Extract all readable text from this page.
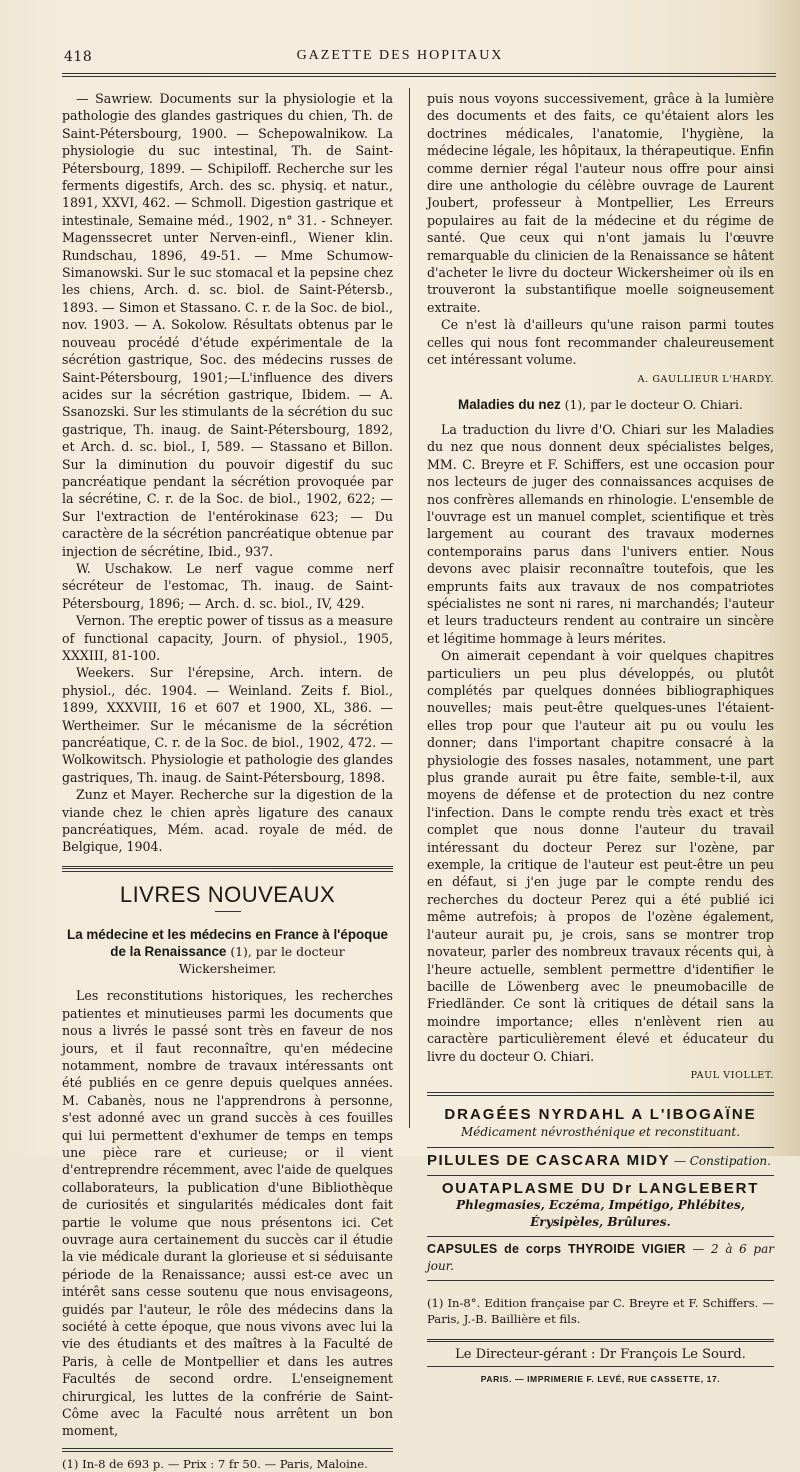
418	GAZETTE DES HOPITAUX

— Sawriew. Documents sur la physiologie et la pathologie des glandes gastriques du chien, Th. de Saint-Pétersbourg, 1900. — Schepowalnikow. La physiologie du suc intestinal, Th. de Saint-Pétersbourg, 1899. — Schipiloff. Recherche sur les ferments digestifs, Arch. des sc. physiq. et natur., 1891, XXVI, 462. — Schmoll. Digestion gastrique et intestinale, Semaine méd., 1902, n° 31. - Schneyer. Magenssecret unter Nerven-einfl., Wiener klin. Rundschau, 1896, 49-51. — Mme Schumow-Simanowski. Sur le suc stomacal et la pepsine chez les chiens, Arch. d. sc. biol. de Saint-Pétersb., 1893. — Simon et Stassano. C. r. de la Soc. de biol., nov. 1903. — A. Sokolow. Résultats obtenus par le nouveau procédé d'étude expérimentale de la sécrétion gastrique, Soc. des médecins russes de Saint-Pétersbourg, 1901;—L'influence des divers acides sur la sécrétion gastrique, Ibidem. — A. Ssanozski. Sur les stimulants de la sécrétion du suc gastrique, Th. inaug. de Saint-Pétersbourg, 1892, et Arch. d. sc. biol., I, 589. — Stassano et Billon. Sur la diminution du pouvoir digestif du suc pancréatique pendant la sécrétion provoquée par la sécrétine, C. r. de la Soc. de biol., 1902, 622; — Sur l'extraction de l'entérokinase 623; — Du caractère de la sécrétion pancréatique obtenue par injection de sécrétine, Ibid., 937.

W. Uschakow. Le nerf vague comme nerf sécréteur de l'estomac, Th. inaug. de Saint-Pétersbourg, 1896; — Arch. d. sc. biol., IV, 429.

Vernon. The ereptic power of tissus as a measure of functional capacity, Journ. of physiol., 1905, XXXIII, 81-100.

Weekers. Sur l'érepsine, Arch. intern. de physiol., déc. 1904. — Weinland. Zeits f. Biol., 1899, XXXVIII, 16 et 607 et 1900, XL, 386. — Wertheimer. Sur le mécanisme de la sécrétion pancréatique, C. r. de la Soc. de biol., 1902, 472. — Wolkowitsch. Physiologie et pathologie des glandes gastriques, Th. inaug. de Saint-Pétersbourg, 1898.

Zunz et Mayer. Recherche sur la digestion de la viande chez le chien après ligature des canaux pancréatiques, Mém. acad. royale de méd. de Belgique, 1904.

LIVRES NOUVEAUX
La médecine et les médecins en France à l'époque de la Renaissance (1), par le docteur Wickersheimer.

Les reconstitutions historiques, les recherches patientes et minutieuses parmi les documents que nous a livrés le passé sont très en faveur de nos jours, et il faut reconnaître, qu'en médecine notamment, nombre de travaux intéressants ont été publiés en ce genre depuis quelques années. M. Cabanès, nous ne l'apprendrons à personne, s'est adonné avec un grand succès à ces fouilles qui lui permettent d'exhumer de temps en temps une pièce rare et curieuse; or il vient d'entreprendre récemment, avec l'aide de quelques collaborateurs, la publication d'une Bibliothèque de curiosités et singularités médicales dont fait partie le volume que nous présentons ici. Cet ouvrage aura certainement du succès car il étudie la vie médicale durant la glorieuse et si séduisante période de la Renaissance; aussi est-ce avec un intérêt sans cesse soutenu que nous envisageons, guidés par l'auteur, le rôle des médecins dans la société à cette époque, que nous vivons avec lui la vie des étudiants et des maîtres à la Faculté de Paris, à celle de Montpellier et dans les autres Facultés de second ordre. L'enseignement chirurgical, les luttes de la confrérie de Saint-Côme avec la Faculté nous arrêtent un bon moment,

(1) In-8 de 693 p. — Prix : 7 fr 50. — Paris, Maloine.

puis nous voyons successivement, grâce à la lumière des documents et des faits, ce qu'étaient alors les doctrines médicales, l'anatomie, l'hygiène, la médecine légale, les hôpitaux, la thérapeutique. Enfin comme dernier régal l'auteur nous offre pour ainsi dire une anthologie du célèbre ouvrage de Laurent Joubert, professeur à Montpellier, Les Erreurs populaires au fait de la médecine et du régime de santé. Que ceux qui n'ont jamais lu l'œuvre remarquable du clinicien de la Renaissance se hâtent d'acheter le livre du docteur Wickersheimer où ils en trouveront la substantifique moelle soigneusement extraite.

Ce n'est là d'ailleurs qu'une raison parmi toutes celles qui nous font recommander chaleureusement cet intéressant volume.

A. GAULLIEUR L'HARDY.
Maladies du nez (1), par le docteur O. Chiari.

La traduction du livre d'O. Chiari sur les Maladies du nez que nous donnent deux spécialistes belges, MM. C. Breyre et F. Schiffers, est une occasion pour nos lecteurs de juger des connaissances acquises de nos confrères allemands en rhinologie. L'ensemble de l'ouvrage est un manuel complet, scientifique et très largement au courant des travaux modernes contemporains parus dans l'univers entier. Nous devons avec plaisir reconnaître toutefois, que les emprunts faits aux travaux de nos compatriotes spécialistes ne sont ni rares, ni marchandés; l'auteur et leurs traducteurs rendent au contraire un sincère et légitime hommage à leurs mérites.

On aimerait cependant à voir quelques chapitres particuliers un peu plus développés, ou plutôt complétés par quelques données bibliographiques nouvelles; mais peut-être quelques-unes l'étaient-elles trop pour que l'auteur ait pu ou voulu les donner; dans l'important chapitre consacré à la physiologie des fosses nasales, notamment, une part plus grande aurait pu être faite, semble-t-il, aux moyens de défense et de protection du nez contre l'infection. Dans le compte rendu très exact et très complet que nous donne l'auteur du travail intéressant du docteur Perez sur l'ozène, par exemple, la critique de l'auteur est peut-être un peu en défaut, si j'en juge par le compte rendu des recherches du docteur Perez qui a été publié ici même autrefois; à propos de l'ozène également, l'auteur aurait pu, je crois, sans se montrer trop novateur, parler des nombreux travaux récents qui, à l'heure actuelle, semblent permettre d'identifier le bacille de Löwenberg avec le pneumobacille de Friedländer. Ce sont là critiques de détail sans la moindre importance; elles n'enlèvent rien au caractère particulièrement élevé et éducateur du livre du docteur O. Chiari.

PAUL VIOLLET.
DRAGÉES NYRDAHL A L'IBOGAÏNE
Médicament névrosthénique et reconstituant.

PILULES DE CASCARA MIDY — Constipation.

OUATAPLASME DU Dr LANGLEBERT
Phlegmasies, Eczéma, Impétigo, Phlébites, Érysipèles, Brûlures.

CAPSULES de corps THYROIDE VIGIER — 2 à 6 par jour.

(1) In-8°. Edition française par C. Breyre et F. Schiffers. — Paris, J.-B. Baillière et fils.

Le Directeur-gérant : Dr François Le Sourd.
PARIS. — IMPRIMERIE F. LEVÉ, RUE CASSETTE, 17.
